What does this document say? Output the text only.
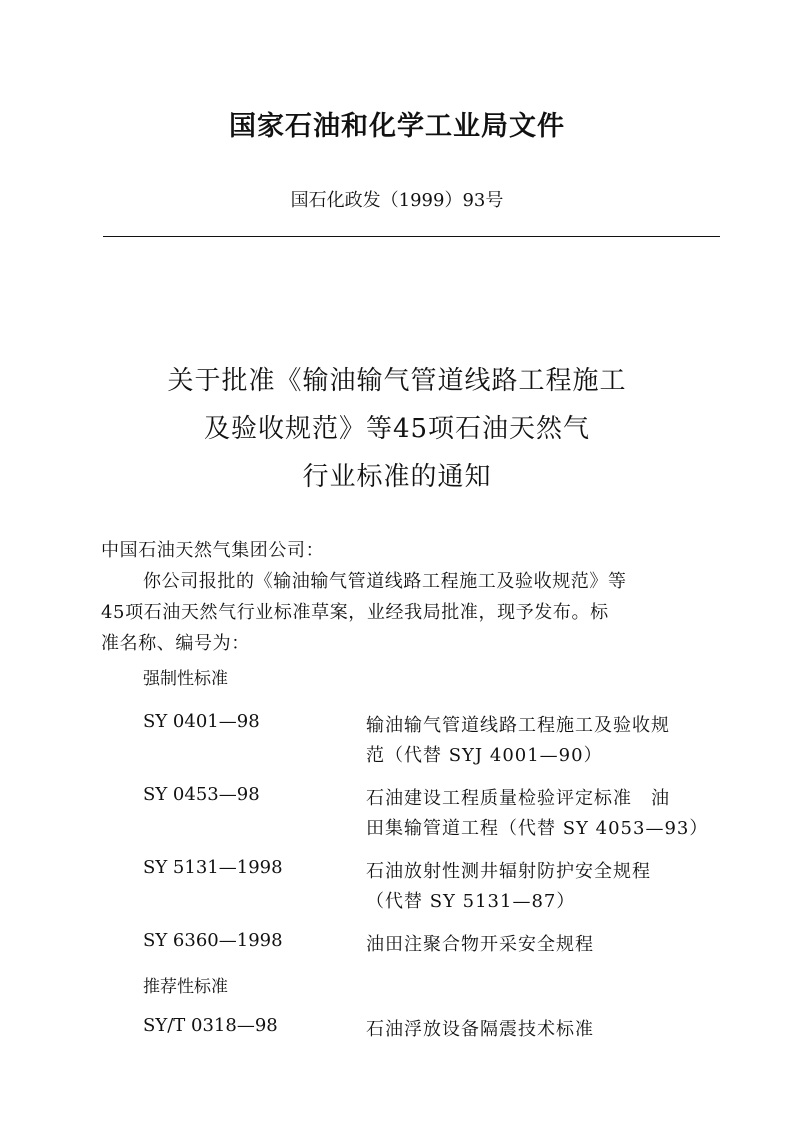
国家石油和化学工业局文件
国石化政发（1999）93号
关于批准《输油输气管道线路工程施工
及验收规范》等45项石油天然气
行业标准的通知
中国石油天然气集团公司：
你公司报批的《输油输气管道线路工程施工及验收规范》等
45项石油天然气行业标准草案，业经我局批准，现予发布。标
准名称、编号为：
强制性标准
SY 0401—98	输油输气管道线路工程施工及验收规
范（代替 SYJ 4001—90）
SY 0453—98	石油建设工程质量检验评定标准　油
田集输管道工程（代替 SY 4053—93）
SY 5131—1998	石油放射性测井辐射防护安全规程
（代替 SY 5131—87）
SY 6360—1998	油田注聚合物开采安全规程
推荐性标准
SY/T 0318—98	石油浮放设备隔震技术标准
